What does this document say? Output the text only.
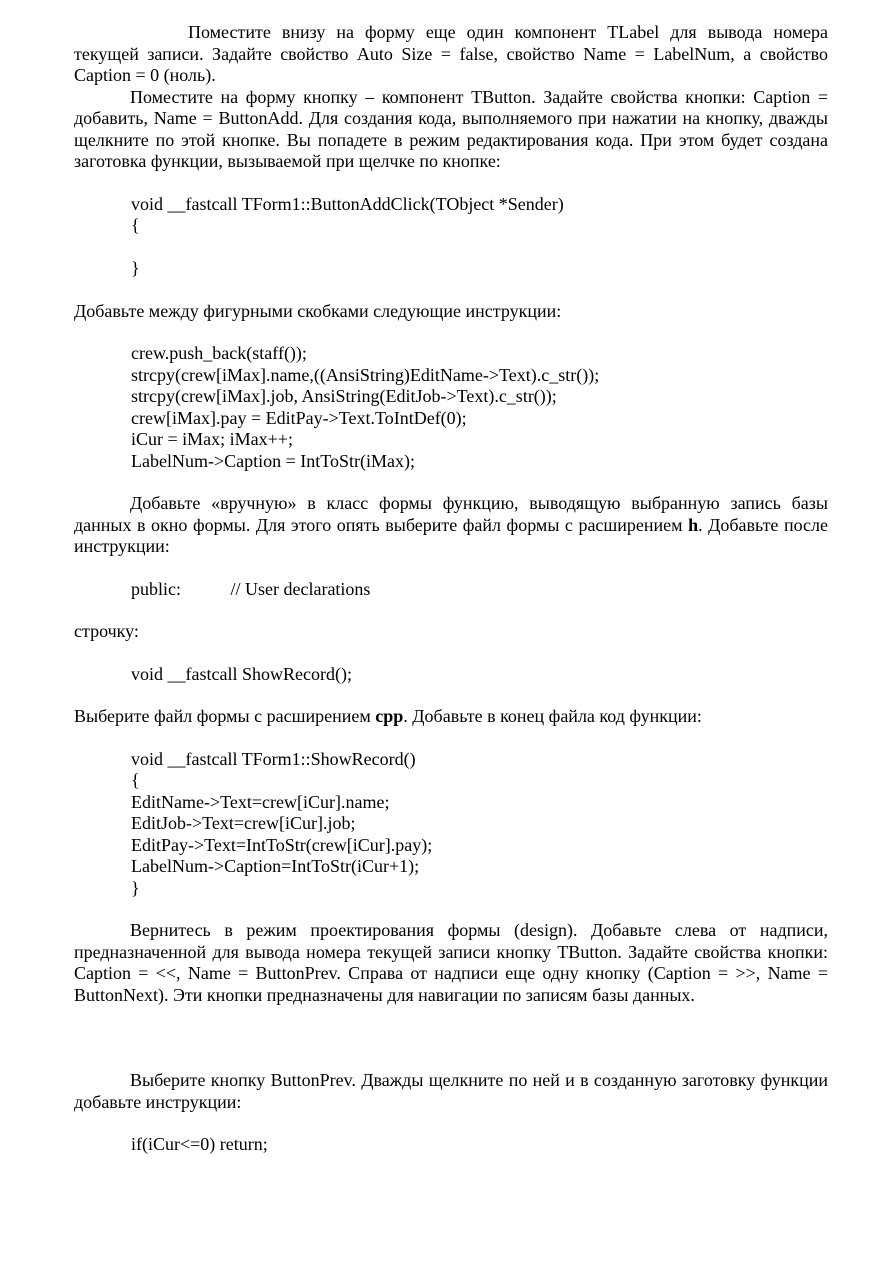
Поместите внизу на форму еще один компонент TLabel для вывода номера текущей записи. Задайте свойство Auto Size = false, свойство Name = LabelNum, а свойство Caption = 0 (ноль).

Поместите на форму кнопку – компонент TButton. Задайте свойства кнопки: Caption = добавить, Name = ButtonAdd. Для создания кода, выполняемого при нажатии на кнопку, дважды щелкните по этой кнопке. Вы попадете в режим редактирования кода. При этом будет создана заготовка функции, вызываемой при щелчке по кнопке:

void __fastcall TForm1::ButtonAddClick(TObject *Sender)
{
}

Добавьте между фигурными скобками следующие инструкции:

crew.push_back(staff());
strcpy(crew[iMax].name,((AnsiString)EditName->Text).c_str());
strcpy(crew[iMax].job, AnsiString(EditJob->Text).c_str());
crew[iMax].pay = EditPay->Text.ToIntDef(0);
iCur = iMax; iMax++;
LabelNum->Caption = IntToStr(iMax);

Добавьте «вручную» в класс формы функцию, выводящую выбранную запись базы данных в окно формы. Для этого опять выберите файл формы с расширением h. Добавьте после инструкции:

public:           // User declarations

строчку:

void __fastcall ShowRecord();

Выберите файл формы с расширением cpp. Добавьте в конец файла код функции:

void __fastcall TForm1::ShowRecord()
{
EditName->Text=crew[iCur].name;
EditJob->Text=crew[iCur].job;
EditPay->Text=IntToStr(crew[iCur].pay);
LabelNum->Caption=IntToStr(iCur+1);
}

Вернитесь в режим проектирования формы (design). Добавьте слева от надписи, предназначенной для вывода номера текущей записи кнопку TButton. Задайте свойства кнопки: Caption = <<, Name = ButtonPrev. Справа от надписи еще одну кнопку (Caption = >>, Name = ButtonNext). Эти кнопки предназначены для навигации по записям базы данных.

Выберите кнопку ButtonPrev. Дважды щелкните по ней и в созданную заготовку функции добавьте инструкции:

if(iCur<=0) return;
